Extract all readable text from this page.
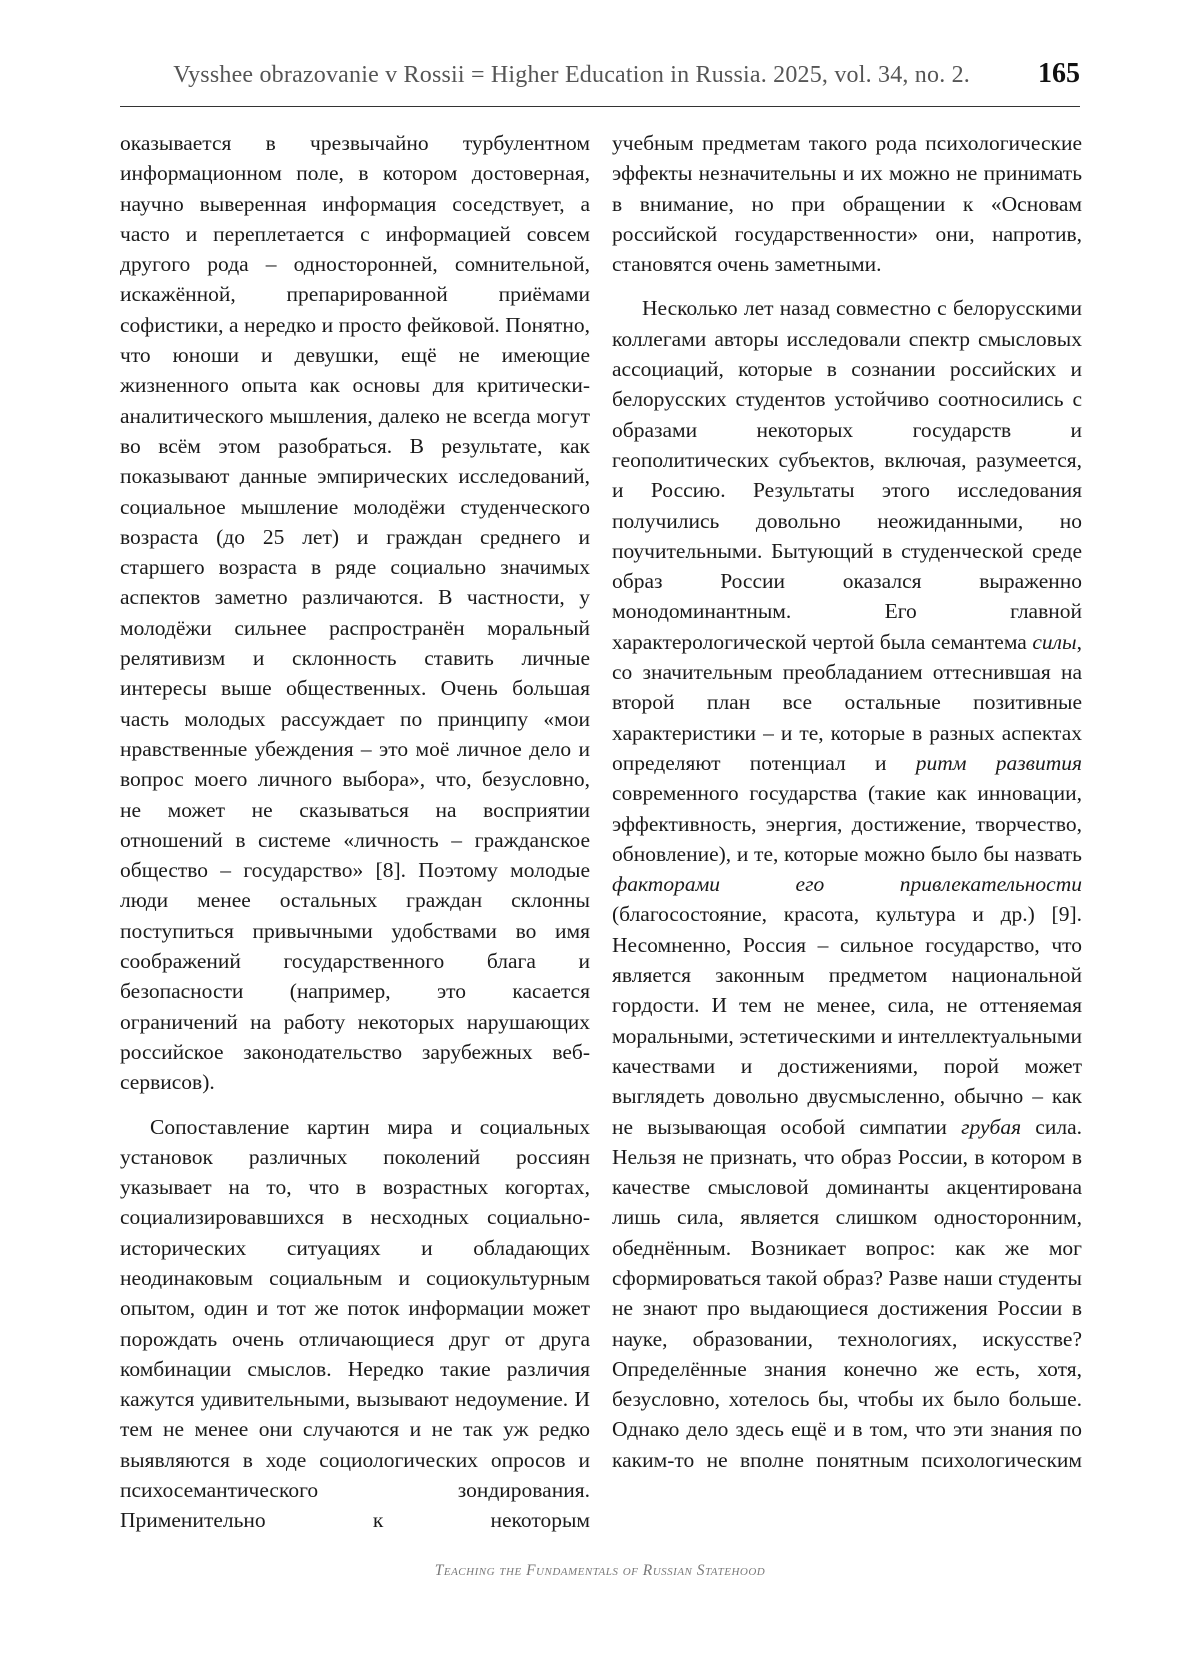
Vysshee obrazovanie v Rossii = Higher Education in Russia. 2025, vol. 34, no. 2. 165

оказывается в чрезвычайно турбулентном информационном поле, в котором достоверная, научно выверенная информация соседствует, а часто и переплетается с информацией совсем другого рода – односторонней, сомнительной, искажённой, препарированной приёмами софистики, а нередко и просто фейковой. Понятно, что юноши и девушки, ещё не имеющие жизненного опыта как основы для критически-аналитического мышления, далеко не всегда могут во всём этом разобраться. В результате, как показывают данные эмпирических исследований, социальное мышление молодёжи студенческого возраста (до 25 лет) и граждан среднего и старшего возраста в ряде социально значимых аспектов заметно различаются. В частности, у молодёжи сильнее распространён моральный релятивизм и склонность ставить личные интересы выше общественных. Очень большая часть молодых рассуждает по принципу «мои нравственные убеждения – это моё личное дело и вопрос моего личного выбора», что, безусловно, не может не сказываться на восприятии отношений в системе «личность – гражданское общество – государство» [8]. Поэтому молодые люди менее остальных граждан склонны поступиться привычными удобствами во имя соображений государственного блага и безопасности (например, это касается ограничений на работу некоторых нарушающих российское законодательство зарубежных веб-сервисов).

Сопоставление картин мира и социальных установок различных поколений россиян указывает на то, что в возрастных когортах, социализировавшихся в несходных социально-исторических ситуациях и обладающих неодинаковым социальным и социокультурным опытом, один и тот же поток информации может порождать очень отличающиеся друг от друга комбинации смыслов. Нередко такие различия кажутся удивительными, вызывают недоумение. И тем не менее они случаются и не так уж редко выявляются в ходе социологических опросов и психосемантического зондирования. Применительно к некоторым

учебным предметам такого рода психологические эффекты незначительны и их можно не принимать в внимание, но при обращении к «Основам российской государственности» они, напротив, становятся очень заметными.

Несколько лет назад совместно с белорусскими коллегами авторы исследовали спектр смысловых ассоциаций, которые в сознании российских и белорусских студентов устойчиво соотносились с образами некоторых государств и геополитических субъектов, включая, разумеется, и Россию. Результаты этого исследования получились довольно неожиданными, но поучительными. Бытующий в студенческой среде образ России оказался выраженно монодоминантным. Его главной характерологической чертой была семантема силы, со значительным преобладанием оттеснившая на второй план все остальные позитивные характеристики – и те, которые в разных аспектах определяют потенциал и ритм развития современного государства (такие как инновации, эффективность, энергия, достижение, творчество, обновление), и те, которые можно было бы назвать факторами его привлекательности (благосостояние, красота, культура и др.) [9]. Несомненно, Россия – сильное государство, что является законным предметом национальной гордости. И тем не менее, сила, не оттеняемая моральными, эстетическими и интеллектуальными качествами и достижениями, порой может выглядеть довольно двусмысленно, обычно – как не вызывающая особой симпатии грубая сила. Нельзя не признать, что образ России, в котором в качестве смысловой доминанты акцентирована лишь сила, является слишком односторонним, обеднённым. Возникает вопрос: как же мог сформироваться такой образ? Разве наши студенты не знают про выдающиеся достижения России в науке, образовании, технологиях, искусстве? Определённые знания конечно же есть, хотя, безусловно, хотелось бы, чтобы их было больше. Однако дело здесь ещё и в том, что эти знания по каким-то не вполне понятным психологическим

Teaching the Fundamentals of Russian Statehood
